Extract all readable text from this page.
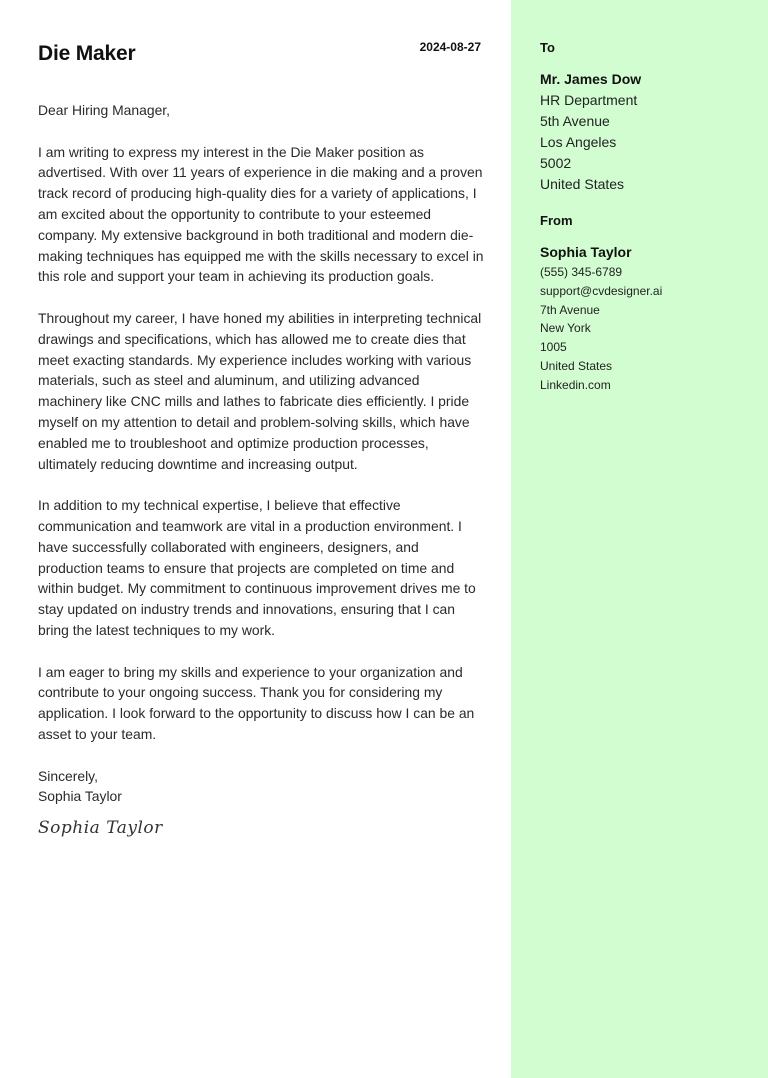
Die Maker	2024-08-27
Dear Hiring Manager,

I am writing to express my interest in the Die Maker position as advertised. With over 11 years of experience in die making and a proven track record of producing high-quality dies for a variety of applications, I am excited about the opportunity to contribute to your esteemed company. My extensive background in both traditional and modern die-making techniques has equipped me with the skills necessary to excel in this role and support your team in achieving its production goals.

Throughout my career, I have honed my abilities in interpreting technical drawings and specifications, which has allowed me to create dies that meet exacting standards. My experience includes working with various materials, such as steel and aluminum, and utilizing advanced machinery like CNC mills and lathes to fabricate dies efficiently. I pride myself on my attention to detail and problem-solving skills, which have enabled me to troubleshoot and optimize production processes, ultimately reducing downtime and increasing output.

In addition to my technical expertise, I believe that effective communication and teamwork are vital in a production environment. I have successfully collaborated with engineers, designers, and production teams to ensure that projects are completed on time and within budget. My commitment to continuous improvement drives me to stay updated on industry trends and innovations, ensuring that I can bring the latest techniques to my work.

I am eager to bring my skills and experience to your organization and contribute to your ongoing success. Thank you for considering my application. I look forward to the opportunity to discuss how I can be an asset to your team.

Sincerely,
Sophia Taylor
Sophia Taylor
To
Mr. James Dow
HR Department
5th Avenue
Los Angeles
5002
United States
From
Sophia Taylor
(555) 345-6789
support@cvdesigner.ai
7th Avenue
New York
1005
United States
Linkedin.com
